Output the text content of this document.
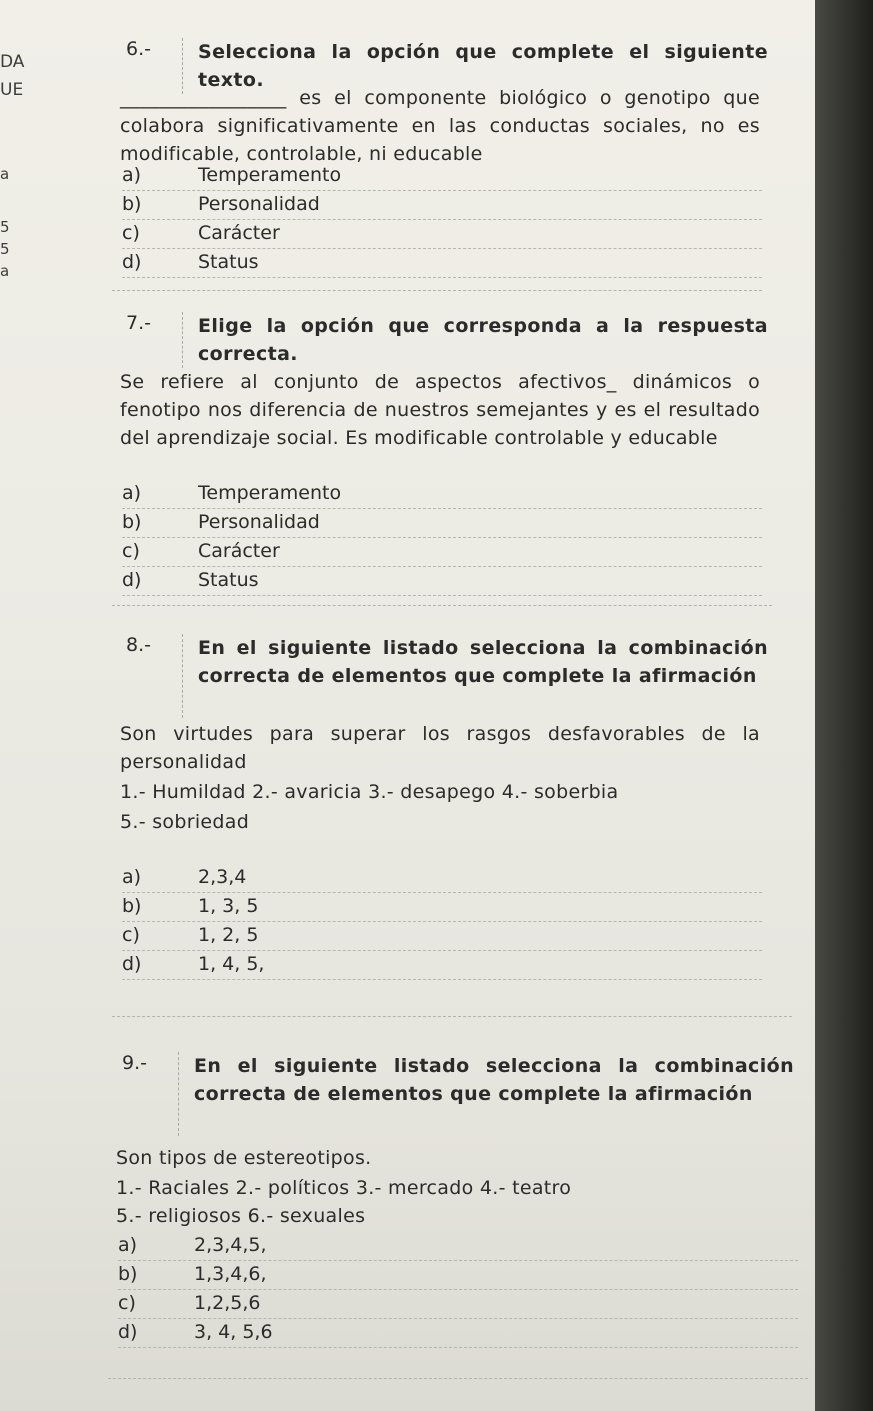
DA
UE
a
5
5
a
6.- Selecciona la opción que complete el siguiente texto.
_________________ es el componente biológico o genotipo que colabora significativamente en las conductas sociales, no es modificable, controlable, ni educable
a)	Temperamento
b)	Personalidad
c)	Carácter
d)	Status
7.- Elige la opción que corresponda a la respuesta correcta.
Se refiere al conjunto de aspectos afectivos_ dinámicos o fenotipo nos diferencia de nuestros semejantes y es el resultado del aprendizaje social. Es modificable controlable y educable
a)	Temperamento
b)	Personalidad
c)	Carácter
d)	Status
8.- En el siguiente listado selecciona la combinación correcta de elementos que complete la afirmación
Son virtudes para superar los rasgos desfavorables de la personalidad
1.- Humildad 2.- avaricia 3.- desapego 4.- soberbia
5.- sobriedad
a)	2,3,4
b)	1, 3, 5
c)	1, 2, 5
d)	1, 4, 5,
9.- En el siguiente listado selecciona la combinación correcta de elementos que complete la afirmación
Son tipos de estereotipos.
1.- Raciales 2.- políticos 3.- mercado 4.- teatro
5.- religiosos 6.- sexuales
a)	2,3,4,5,
b)	1,3,4,6,
c)	1,2,5,6
d)	3, 4, 5,6
